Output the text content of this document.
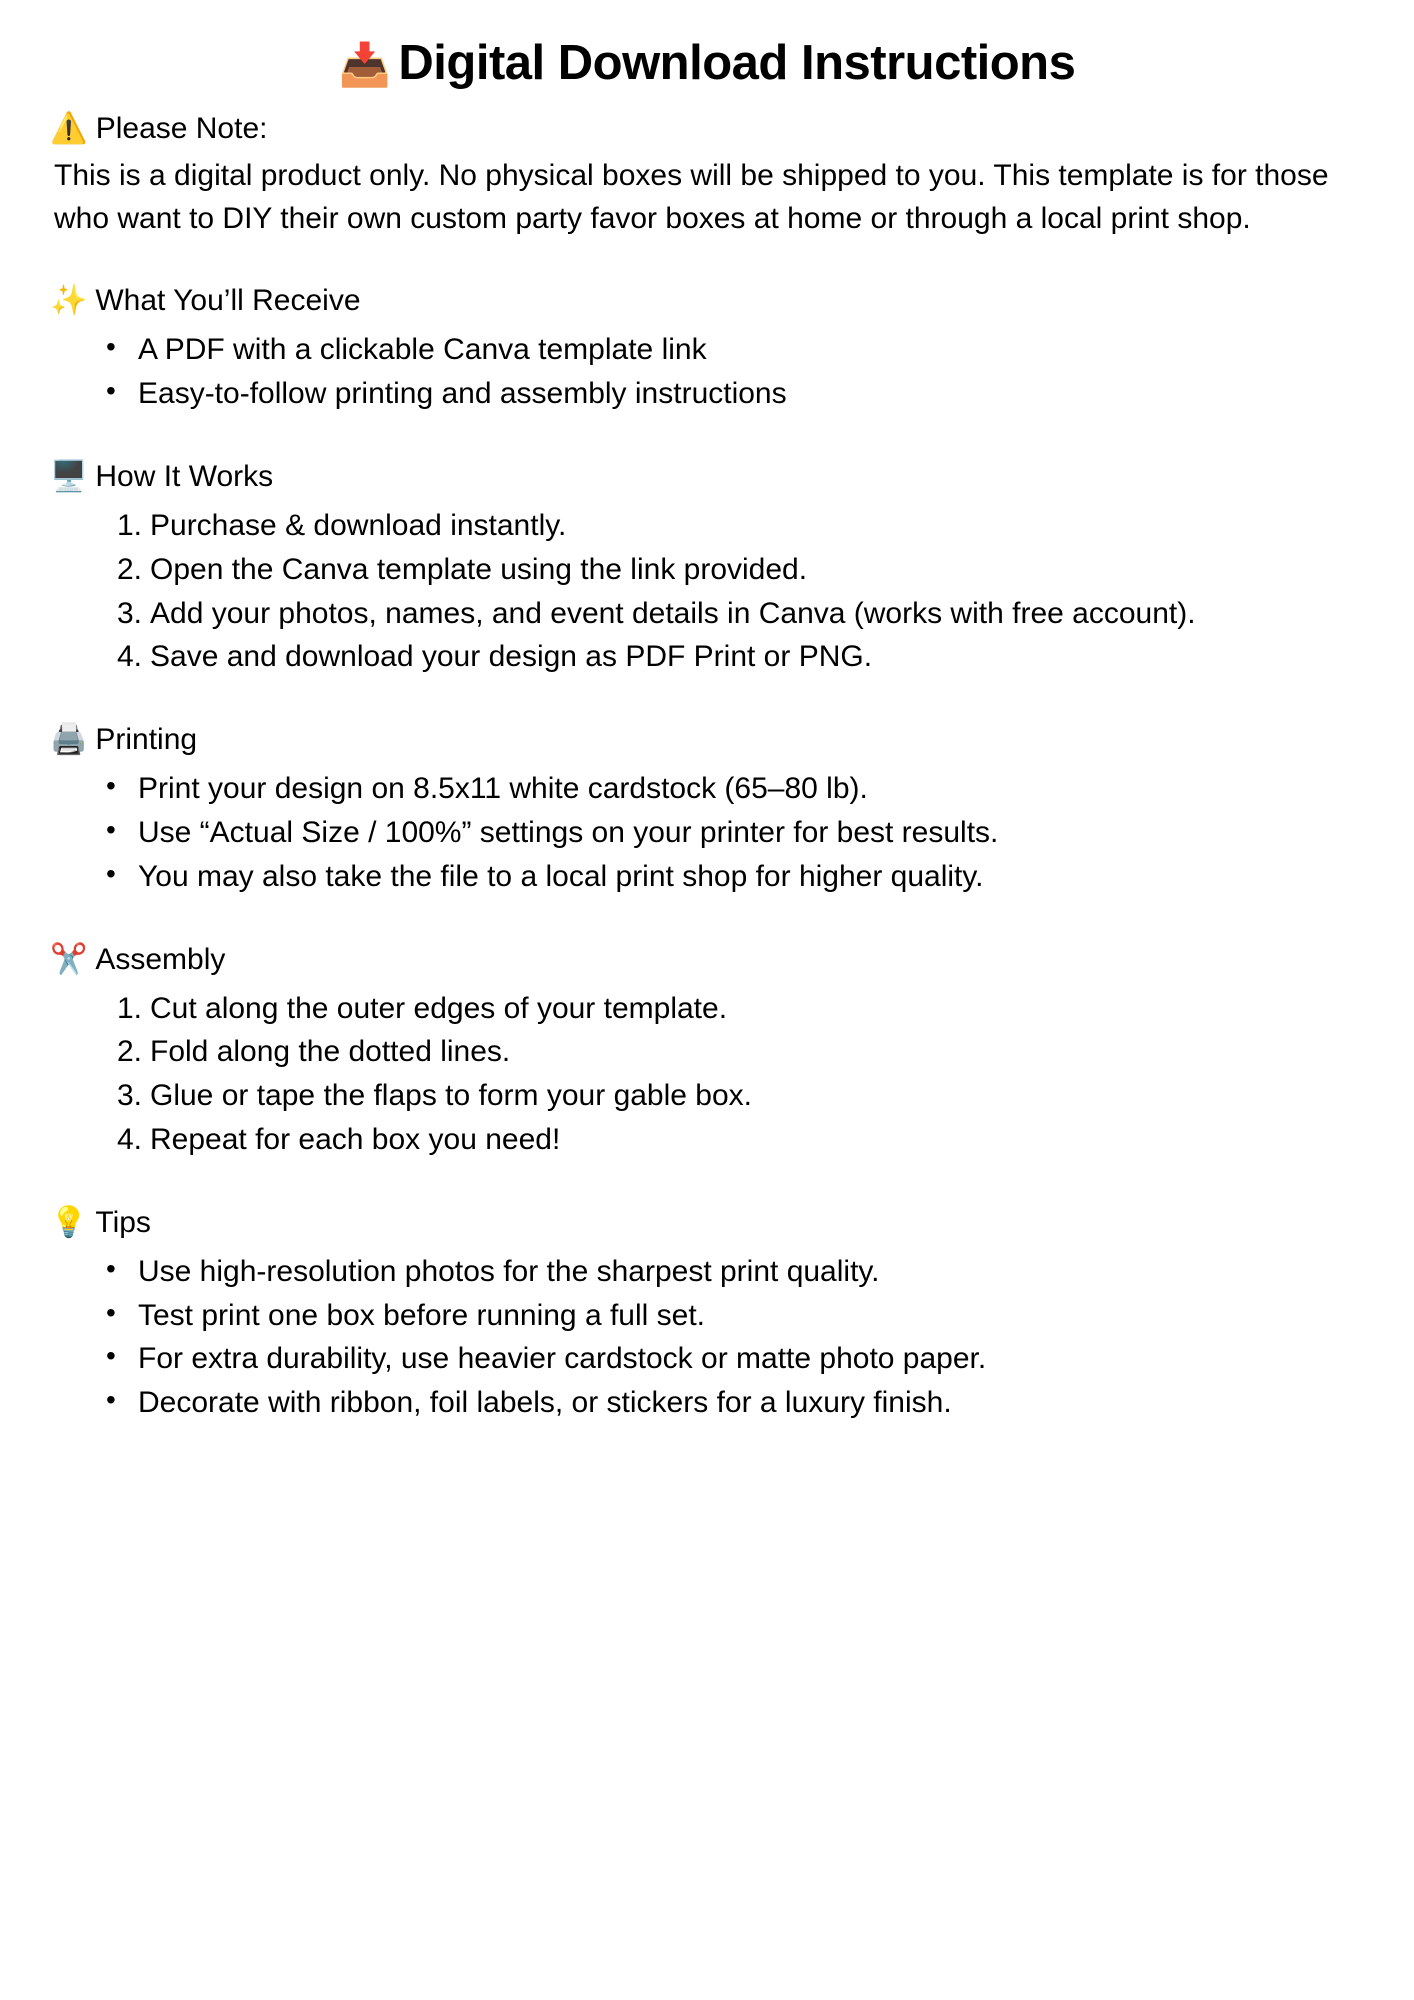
📥 Digital Download Instructions

⚠️ Please Note:

This is a digital product only. No physical boxes will be shipped to you. This template is for those who want to DIY their own custom party favor boxes at home or through a local print shop.

✨ What You’ll Receive

• A PDF with a clickable Canva template link
• Easy-to-follow printing and assembly instructions

🖥️ How It Works

Purchase & download instantly.
Open the Canva template using the link provided.
Add your photos, names, and event details in Canva (works with free account).
Save and download your design as PDF Print or PNG.

🖨️ Printing

• Print your design on 8.5x11 white cardstock (65–80 lb).
• Use “Actual Size / 100%” settings on your printer for best results.
• You may also take the file to a local print shop for higher quality.

✂️ Assembly

Cut along the outer edges of your template.
Fold along the dotted lines.
Glue or tape the flaps to form your gable box.
Repeat for each box you need!

💡 Tips

• Use high-resolution photos for the sharpest print quality.
• Test print one box before running a full set.
• For extra durability, use heavier cardstock or matte photo paper.
• Decorate with ribbon, foil labels, or stickers for a luxury finish.
